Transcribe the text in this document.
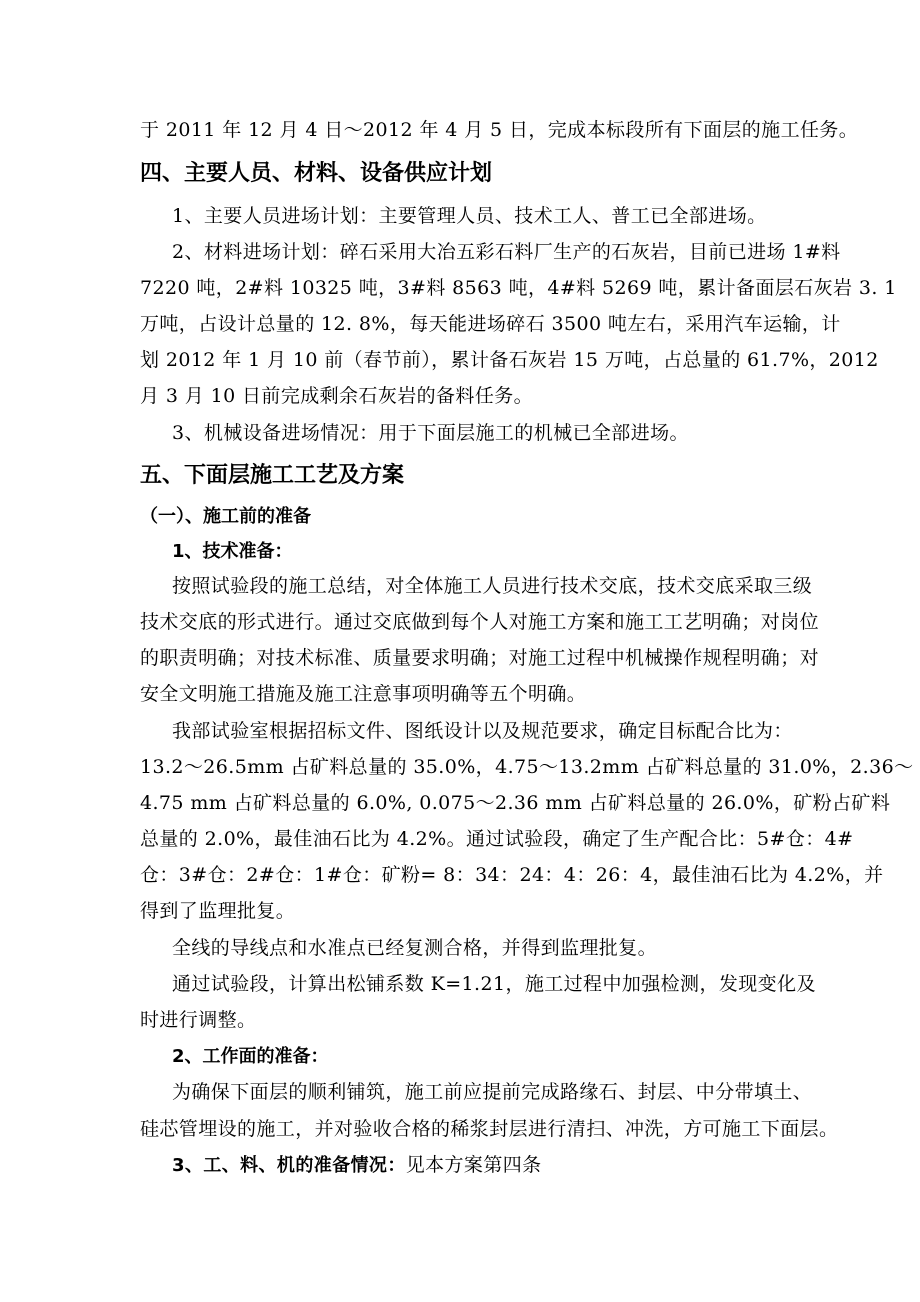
于 2011 年 12 月 4 日～2012 年 4 月 5 日，完成本标段所有下面层的施工任务。
四、主要人员、材料、设备供应计划
1、主要人员进场计划：主要管理人员、技术工人、普工已全部进场。
2、材料进场计划：碎石采用大冶五彩石料厂生产的石灰岩，目前已进场 1#料
7220 吨，2#料 10325 吨，3#料 8563 吨，4#料 5269 吨，累计备面层石灰岩 3. 1
万吨，占设计总量的 12. 8%，每天能进场碎石 3500 吨左右，采用汽车运输，计
划 2012 年 1 月 10 前（春节前），累计备石灰岩 15 万吨，占总量的 61.7%，2012
月 3 月 10 日前完成剩余石灰岩的备料任务。
3、机械设备进场情况：用于下面层施工的机械已全部进场。
五、下面层施工工艺及方案
（一）、施工前的准备
1、技术准备：
按照试验段的施工总结，对全体施工人员进行技术交底，技术交底采取三级
技术交底的形式进行。通过交底做到每个人对施工方案和施工工艺明确；对岗位
的职责明确；对技术标准、质量要求明确；对施工过程中机械操作规程明确；对
安全文明施工措施及施工注意事项明确等五个明确。
我部试验室根据招标文件、图纸设计以及规范要求，确定目标配合比为：
13.2～26.5mm 占矿料总量的 35.0%，4.75～13.2mm 占矿料总量的 31.0%，2.36～
4.75 mm 占矿料总量的 6.0%, 0.075～2.36 mm 占矿料总量的 26.0%，矿粉占矿料
总量的 2.0%，最佳油石比为 4.2%。通过试验段，确定了生产配合比：5#仓：4#
仓：3#仓：2#仓：1#仓：矿粉= 8：34：24：4：26：4，最佳油石比为 4.2%，并
得到了监理批复。
全线的导线点和水准点已经复测合格，并得到监理批复。
通过试验段，计算出松铺系数 K=1.21，施工过程中加强检测，发现变化及
时进行调整。
2、工作面的准备：
为确保下面层的顺利铺筑，施工前应提前完成路缘石、封层、中分带填土、
硅芯管埋设的施工，并对验收合格的稀浆封层进行清扫、冲洗，方可施工下面层。
3、工、料、机的准备情况：见本方案第四条
